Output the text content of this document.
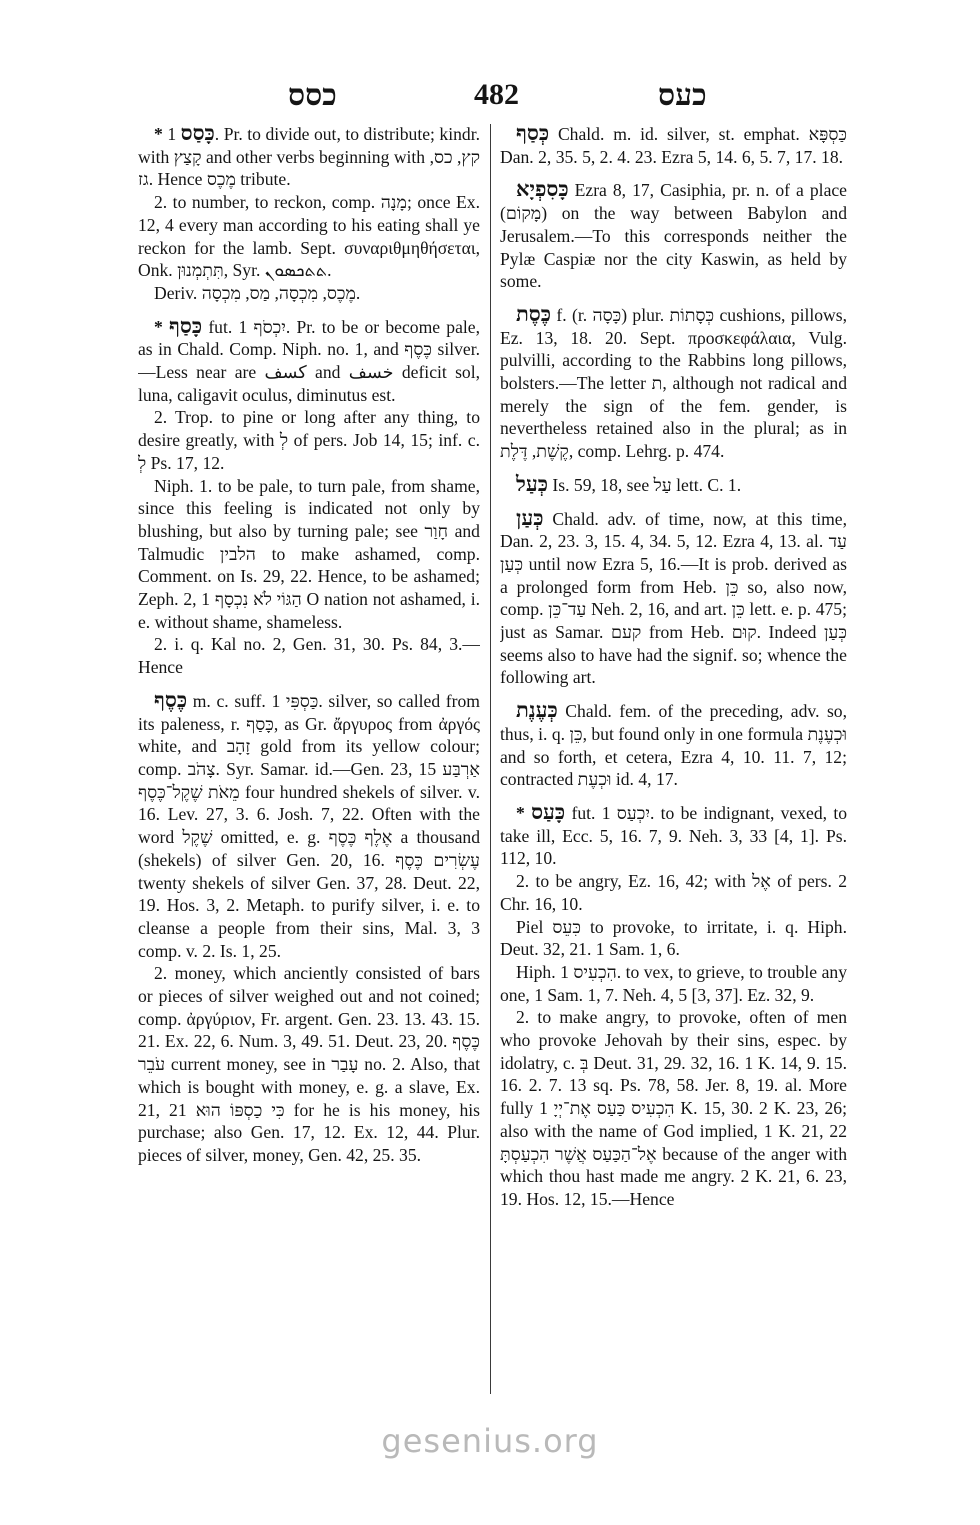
כסס	482	כעס

* כָּסַס 1. Pr. to divide out, to distribute; kindr. with קָצַץ and other verbs beginning with קץ, כס, גז. Hence מֶכֶס tribute.

2. to number, to reckon, comp. מָנָה; once Ex. 12, 4 every man according to his eating shall ye reckon for the lamb. Sept. συναριθμηθήσεται, Onk. תִּתְמְנוּן, Syr. ܬܬܟܣܘܢ.

Deriv. מֶכֶס, מִכְסָה, מַס, מִכְסָה.

* כָּסַף fut. יִכְסֹף 1. Pr. to be or become pale, as in Chald. Comp. Niph. no. 1, and כֶּסֶף silver.—Less near are كسف and خسف deficit sol, luna, caligavit oculus, diminutus est.

2. Trop. to pine or long after any thing, to desire greatly, with לְ of pers. Job 14, 15; inf. c. לְ Ps. 17, 12.

Niph. 1. to be pale, to turn pale, from shame, since this feeling is indicated not only by blushing, but also by turning pale; see חָוַר and Talmudic הלבין to make ashamed, comp. Comment. on Is. 29, 22. Hence, to be ashamed; Zeph. 2, 1 הַגּוֹי לֹא נִכְסָף O nation not ashamed, i. e. without shame, shameless.

2. i. q. Kal no. 2, Gen. 31, 30. Ps. 84, 3.—Hence

כֶּסֶף m. c. suff. כַּסְפִּי 1. silver, so called from its paleness, r. כָּסַף, as Gr. ἄργυρος from ἀργός white, and זָהָב gold from its yellow colour; comp. צָהֹב. Syr. Samar. id.—Gen. 23, 15 אַרְבַּע מֵאֹת שֶׁקֶל־כֶּסֶף four hundred shekels of silver. v. 16. Lev. 27, 3. 6. Josh. 7, 22. Often with the word שֶׁקֶל omitted, e. g. אֶלֶף כֶּסֶף a thousand (shekels) of silver Gen. 20, 16. עֶשְׂרִים כֶּסֶף twenty shekels of silver Gen. 37, 28. Deut. 22, 19. Hos. 3, 2. Metaph. to purify silver, i. e. to cleanse a people from their sins, Mal. 3, 3 comp. v. 2. Is. 1, 25.

2. money, which anciently consisted of bars or pieces of silver weighed out and not coined; comp. ἀργύριον, Fr. argent. Gen. 23. 13. 43. 15. 21. Ex. 22, 6. Num. 3, 49. 51. Deut. 23, 20. כֶּסֶף עֹבֵר current money, see in עָבַר no. 2. Also, that which is bought with money, e. g. a slave, Ex. 21, 21 כִּי כַסְפּוֹ הוּא for he is his money, his purchase; also Gen. 17, 12. Ex. 12, 44. Plur. pieces of silver, money, Gen. 42, 25. 35.

כְּסַף Chald. m. id. silver, st. emphat. כַּסְפָּא Dan. 2, 35. 5, 2. 4. 23. Ezra 5, 14. 6, 5. 7, 17. 18.

כָּסִפְיָא Ezra 8, 17, Casiphia, pr. n. of a place (מָקוֹם) on the way between Babylon and Jerusalem.—To this corresponds neither the Pylæ Caspiæ nor the city Kaswin, as held by some.

כֶּסֶת f. (r. כָּסָה) plur. כְּסָתוֹת cushions, pillows, Ez. 13, 18. 20. Sept. προσκεφάλαια, Vulg. pulvilli, according to the Rabbins long pillows, bolsters.—The letter ת, although not radical and merely the sign of the fem. gender, is nevertheless retained also in the plural; as in קֶשֶׁת, דֶּלֶת, comp. Lehrg. p. 474.

כְּעַל Is. 59, 18, see עַל lett. C. 1.

כְּעַן Chald. adv. of time, now, at this time, Dan. 2, 23. 3, 15. 4, 34. 5, 12. Ezra 4, 13. al. עַד כְּעַן until now Ezra 5, 16.—It is prob. derived as a prolonged form from Heb. כֵּן so, also now, comp. עַד־כֵּן Neh. 2, 16, and art. כֵּן lett. e. p. 475; just as Samar. קעם from Heb. קוּם. Indeed כְּעַן seems also to have had the signif. so; whence the following art.

כְּעֶנֶת Chald. fem. of the preceding, adv. so, thus, i. q. כֵּן, but found only in one formula וּכְעֶנֶת and so forth, et cetera, Ezra 4, 10. 11. 7, 12; contracted וּכְעֶת id. 4, 17.

* כָּעַס fut. יִכְעַס 1. to be indignant, vexed, to take ill, Ecc. 5, 16. 7, 9. Neh. 3, 33 [4, 1]. Ps. 112, 10.

2. to be angry, Ez. 16, 42; with אֶל of pers. 2 Chr. 16, 10.

Piel כִּעֵס to provoke, to irritate, i. q. Hiph. Deut. 32, 21. 1 Sam. 1, 6.

Hiph. הִכְעִיס 1. to vex, to grieve, to trouble any one, 1 Sam. 1, 7. Neh. 4, 5 [3, 37]. Ez. 32, 9.

2. to make angry, to provoke, often of men who provoke Jehovah by their sins, espec. by idolatry, c. בְּ Deut. 31, 29. 32, 16. 1 K. 14, 9. 15. 16. 2. 7. 13 sq. Ps. 78, 58. Jer. 8, 19. al. More fully הִכְעִיס כַּעַס אֶת־יְיָ 1 K. 15, 30. 2 K. 23, 26; also with the name of God implied, 1 K. 21, 22 אֶל־הַכַּעַס אֲשֶׁר הִכְעַסְתָּ because of the anger with which thou hast made me angry. 2 K. 21, 6. 23, 19. Hos. 12, 15.—Hence

gesenius.org
